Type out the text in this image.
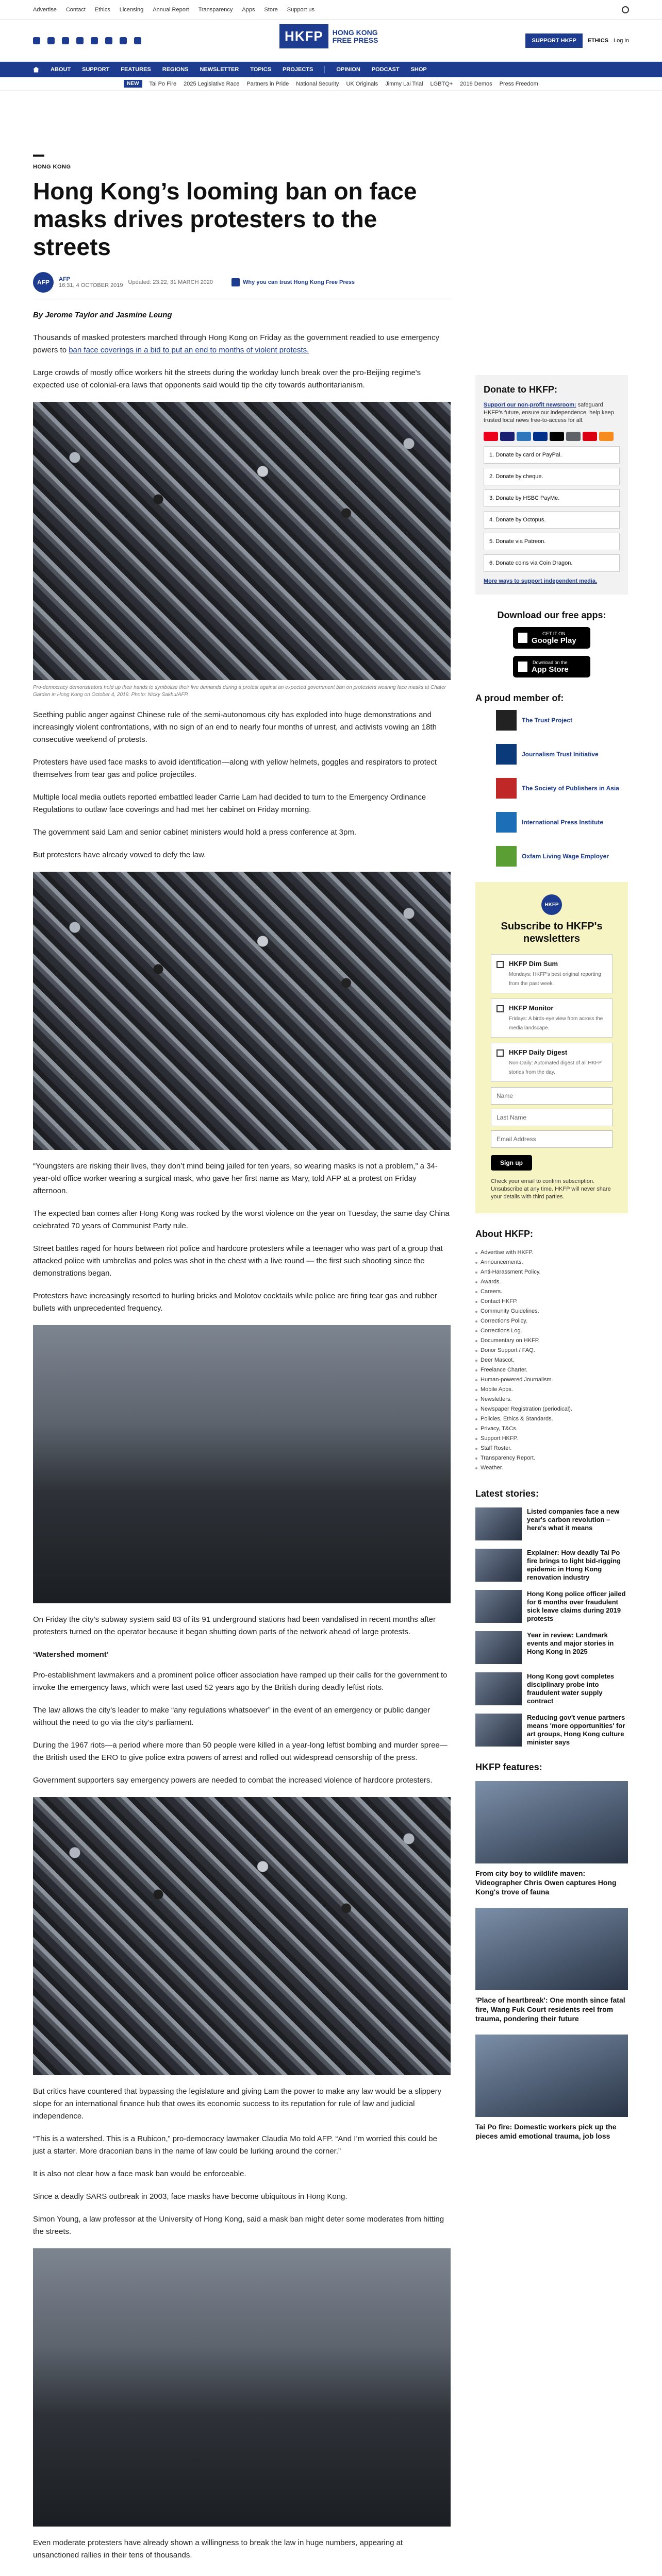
Advertise Contact Ethics Licensing Annual Report Transparency Apps Store Support us
HKFP	HONG KONG
FREE PRESS	SUPPORT HKFP	ETHICS Log in
ABOUT SUPPORT FEATURES REGIONS NEWSLETTER TOPICS PROJECTS	OPINION PODCAST SHOP
NEW	Tai Po Fire 2025 Legislative Race Partners in Pride National Security UK Originals Jimmy Lai Trial LGBTQ+ 2019 Demos Press Freedom
HONG KONG
Hong Kong’s looming ban on face masks drives protesters to the streets
AFP	AFP
16:31, 4 OCTOBER 2019 Updated: 23:22, 31 MARCH 2020	Why you can trust Hong Kong Free Press
By Jerome Taylor and Jasmine Leung

Thousands of masked protesters marched through Hong Kong on Friday as the government readied to use emergency powers to ban face coverings in a bid to put an end to months of violent protests.

Large crowds of mostly office workers hit the streets during the workday lunch break over the pro-Beijing regime's expected use of colonial-era laws that opponents said would tip the city towards authoritarianism.

Pro-democracy demonstrators hold up their hands to symbolise their five demands during a protest against an expected government ban on protesters wearing face masks at Chater Garden in Hong Kong on October 4, 2019. Photo: Nicky Sakhu/AFP.

Seething public anger against Chinese rule of the semi-autonomous city has exploded into huge demonstrations and increasingly violent confrontations, with no sign of an end to nearly four months of unrest, and activists vowing an 18th consecutive weekend of protests.

Protesters have used face masks to avoid identification—along with yellow helmets, goggles and respirators to protect themselves from tear gas and police projectiles.

Multiple local media outlets reported embattled leader Carrie Lam had decided to turn to the Emergency Ordinance Regulations to outlaw face coverings and had met her cabinet on Friday morning.

The government said Lam and senior cabinet ministers would hold a press conference at 3pm.

But protesters have already vowed to defy the law.

“Youngsters are risking their lives, they don’t mind being jailed for ten years, so wearing masks is not a problem,” a 34-year-old office worker wearing a surgical mask, who gave her first name as Mary, told AFP at a protest on Friday afternoon.

The expected ban comes after Hong Kong was rocked by the worst violence on the year on Tuesday, the same day China celebrated 70 years of Communist Party rule.

Street battles raged for hours between riot police and hardcore protesters while a teenager who was part of a group that attacked police with umbrellas and poles was shot in the chest with a live round — the first such shooting since the demonstrations began.

Protesters have increasingly resorted to hurling bricks and Molotov cocktails while police are firing tear gas and rubber bullets with unprecedented frequency.

On Friday the city’s subway system said 83 of its 91 underground stations had been vandalised in recent months after protesters turned on the operator because it began shutting down parts of the network ahead of large protests.

‘Watershed moment’

Pro-establishment lawmakers and a prominent police officer association have ramped up their calls for the government to invoke the emergency laws, which were last used 52 years ago by the British during deadly leftist riots.

The law allows the city’s leader to make “any regulations whatsoever” in the event of an emergency or public danger without the need to go via the city’s parliament.

During the 1967 riots—a period where more than 50 people were killed in a year-long leftist bombing and murder spree—the British used the ERO to give police extra powers of arrest and rolled out widespread censorship of the press.

Government supporters say emergency powers are needed to combat the increased violence of hardcore protesters.

But critics have countered that bypassing the legislature and giving Lam the power to make any law would be a slippery slope for an international finance hub that owes its economic success to its reputation for rule of law and judicial independence.

“This is a watershed. This is a Rubicon,” pro-democracy lawmaker Claudia Mo told AFP. “And I’m worried this could be just a starter. More draconian bans in the name of law could be lurking around the corner.”

It is also not clear how a face mask ban would be enforceable.

Since a deadly SARS outbreak in 2003, face masks have become ubiquitous in Hong Kong.

Simon Young, a law professor at the University of Hong Kong, said a mask ban might deter some moderates from hitting the streets.

Even moderate protesters have already shown a willingness to break the law in huge numbers, appearing at unsanctioned rallies in their tens of thousands.

Donate to HKFP:
Support our non-profit newsroom: safeguard HKFP's future, ensure our independence, help keep trusted local news free-to-access for all.
1. Donate by card or PayPal.
2. Donate by cheque.
3. Donate by HSBC PayMe.
4. Donate by Octopus.
5. Donate via Patreon.
6. Donate coins via Coin Dragon.
More ways to support independent media.
Download our free apps:
GET IT ON
Google Play
Download on the
App Store
A proud member of:
The Trust Project
Journalism Trust Initiative
The Society of Publishers in Asia
International Press Institute
Oxfam Living Wage Employer
HKFP
Subscribe to HKFP's newsletters
HKFP Dim Sum
Mondays: HKFP's best original reporting from the past week.
HKFP Monitor
Fridays: A birds-eye view from across the media landscape.
HKFP Daily Digest
Non-Daily: Automated digest of all HKFP stories from the day.
Name
Last Name
Email Address
Sign up
Check your email to confirm subscription. Unsubscribe at any time. HKFP will never share your details with third parties.
About HKFP:
Advertise with HKFP.
Announcements.
Anti-Harassment Policy.
Awards.
Careers.
Contact HKFP.
Community Guidelines.
Corrections Policy.
Corrections Log.
Documentary on HKFP.
Donor Support / FAQ.
Deer Mascot.
Freelance Charter.
Human-powered Journalism.
Mobile Apps.
Newsletters.
Newspaper Registration (periodical).
Policies, Ethics & Standards.
Privacy, T&Cs.
Support HKFP.
Staff Roster.
Transparency Report.
Weather.
Latest stories:
Listed companies face a new year's carbon revolution – here's what it means
Explainer: How deadly Tai Po fire brings to light bid-rigging epidemic in Hong Kong renovation industry
Hong Kong police officer jailed for 6 months over fraudulent sick leave claims during 2019 protests
Year in review: Landmark events and major stories in Hong Kong in 2025
Hong Kong govt completes disciplinary probe into fraudulent water supply contract
Reducing gov't venue partners means 'more opportunities' for art groups, Hong Kong culture minister says
HKFP features:
From city boy to wildlife maven: Videographer Chris Owen captures Hong Kong's trove of fauna
'Place of heartbreak': One month since fatal fire, Wang Fuk Court residents reel from trauma, pondering their future
Tai Po fire: Domestic workers pick up the pieces amid emotional trauma, job loss
